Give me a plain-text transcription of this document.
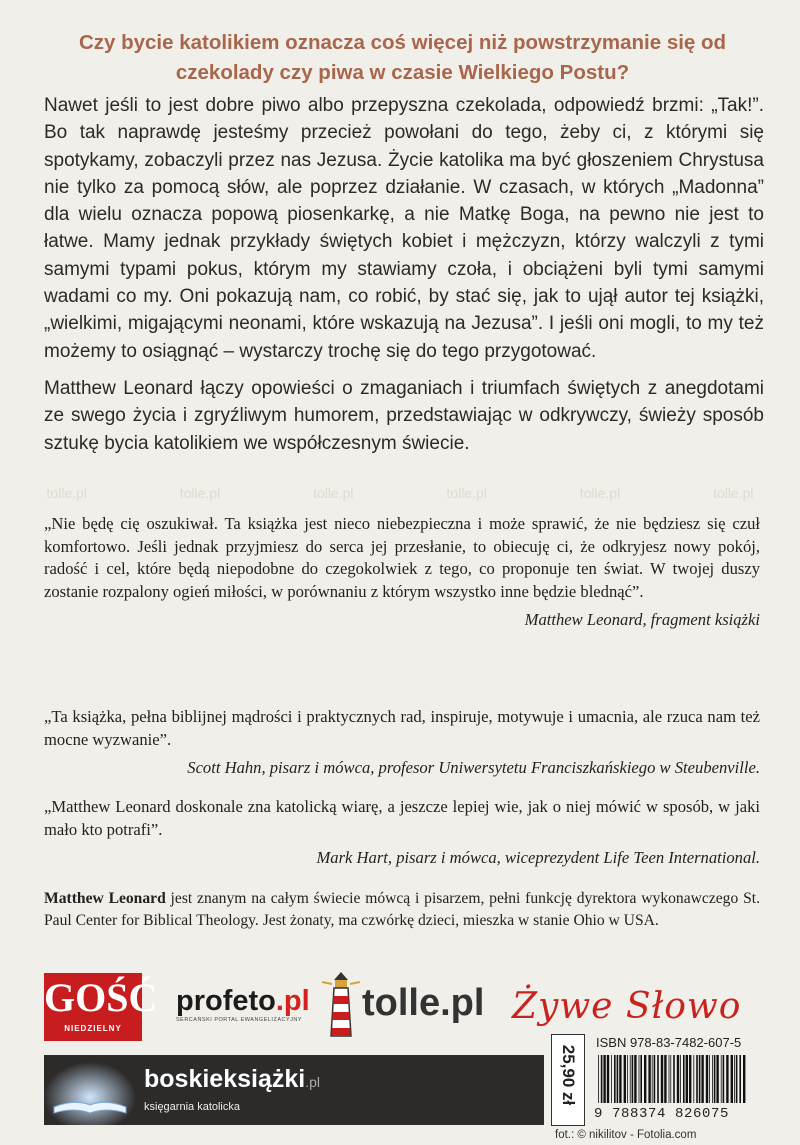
Czy bycie katolikiem oznacza coś więcej niż powstrzymanie się od czekolady czy piwa w czasie Wielkiego Postu?

Nawet jeśli to jest dobre piwo albo przepyszna czekolada, odpowiedź brzmi: „Tak!”. Bo tak naprawdę jesteśmy przecież powołani do tego, żeby ci, z którymi się spotykamy, zobaczyli przez nas Jezusa. Życie katolika ma być głoszeniem Chrystusa nie tylko za pomocą słów, ale poprzez działanie. W czasach, w których „Madonna” dla wielu oznacza popową piosenkarkę, a nie Matkę Boga, na pewno nie jest to łatwe. Mamy jednak przykłady świętych kobiet i mężczyzn, którzy walczyli z tymi samymi typami pokus, którym my stawiamy czoła, i obciążeni byli tymi samymi wadami co my. Oni pokazują nam, co robić, by stać się, jak to ujął autor tej książki, „wielkimi, migającymi neonami, które wskazują na Jezusa”. I jeśli oni mogli, to my też możemy to osiągnąć – wystarczy trochę się do tego przygotować.

Matthew Leonard łączy opowieści o zmaganiach i triumfach świętych z anegdotami ze swego życia i zgryźliwym humorem, przedstawiając w odkrywczy, świeży sposób sztukę bycia katolikiem we współczesnym świecie.

tolle.pl	tolle.pl	tolle.pl	tolle.pl	tolle.pl	tolle.pl
„Nie będę cię oszukiwał. Ta książka jest nieco niebezpieczna i może sprawić, że nie będziesz się czuł komfortowo. Jeśli jednak przyjmiesz do serca jej przesłanie, to obiecuję ci, że odkryjesz nowy pokój, radość i cel, które będą niepodobne do czegokolwiek z tego, co proponuje ten świat. W twojej duszy zostanie rozpalony ogień miłości, w porównaniu z którym wszystko inne będzie blednąć”.
Matthew Leonard, fragment książki
„Ta książka, pełna biblijnej mądrości i praktycznych rad, inspiruje, motywuje i umacnia, ale rzuca nam też mocne wyzwanie”.
Scott Hahn, pisarz i mówca, profesor Uniwersytetu Franciszkańskiego w Steubenville.
„Matthew Leonard doskonale zna katolicką wiarę, a jeszcze lepiej wie, jak o niej mówić w sposób, w jaki mało kto potrafi”.
Mark Hart, pisarz i mówca, wiceprezydent Life Teen International.

Matthew Leonard jest znanym na całym świecie mówcą i pisarzem, pełni funkcję dyrektora wykonawczego St. Paul Center for Biblical Theology. Jest żonaty, ma czwórkę dzieci, mieszka w stanie Ohio w USA.

GOŚĆ
NIEDZIELNY
profeto.pl
SERCAŃSKI PORTAL EWANGELIZACYJNY tolle.pl Żywe Słowo
boskieksiążki.pl
księgarnia katolicka
25,90 zł
ISBN 978-83-7482-607-5
9 788374 826075
fot.: © nikilitov - Fotolia.com
